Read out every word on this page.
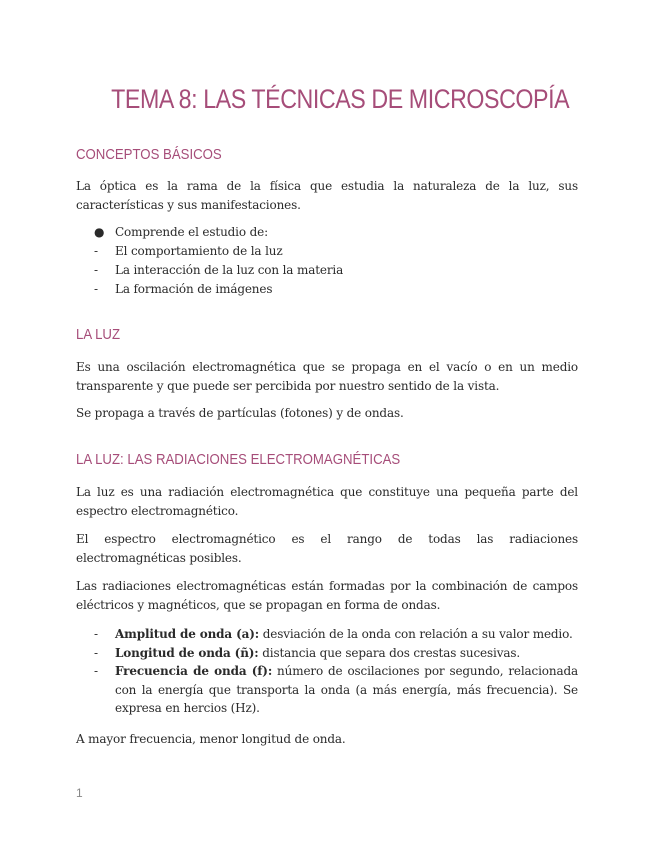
TEMA 8: LAS TÉCNICAS DE MICROSCOPÍA
CONCEPTOS BÁSICOS

La óptica es la rama de la física que estudia la naturaleza de la luz, sus características y sus manifestaciones.

● Comprende el estudio de:
- El comportamiento de la luz
- La interacción de la luz con la materia
- La formación de imágenes
LA LUZ

Es una oscilación electromagnética que se propaga en el vacío o en un medio transparente y que puede ser percibida por nuestro sentido de la vista.

Se propaga a través de partículas (fotones) y de ondas.

LA LUZ: LAS RADIACIONES ELECTROMAGNÉTICAS

La luz es una radiación electromagnética que constituye una pequeña parte del espectro electromagnético.

El espectro electromagnético es el rango de todas las radiaciones electromagnéticas posibles.

Las radiaciones electromagnéticas están formadas por la combinación de campos eléctricos y magnéticos, que se propagan en forma de ondas.

- Amplitud de onda (a): desviación de la onda con relación a su valor medio.
- Longitud de onda (ñ): distancia que separa dos crestas sucesivas.
- Frecuencia de onda (f): número de oscilaciones por segundo, relacionada con la energía que transporta la onda (a más energía, más frecuencia). Se expresa en hercios (Hz).

A mayor frecuencia, menor longitud de onda.

1
